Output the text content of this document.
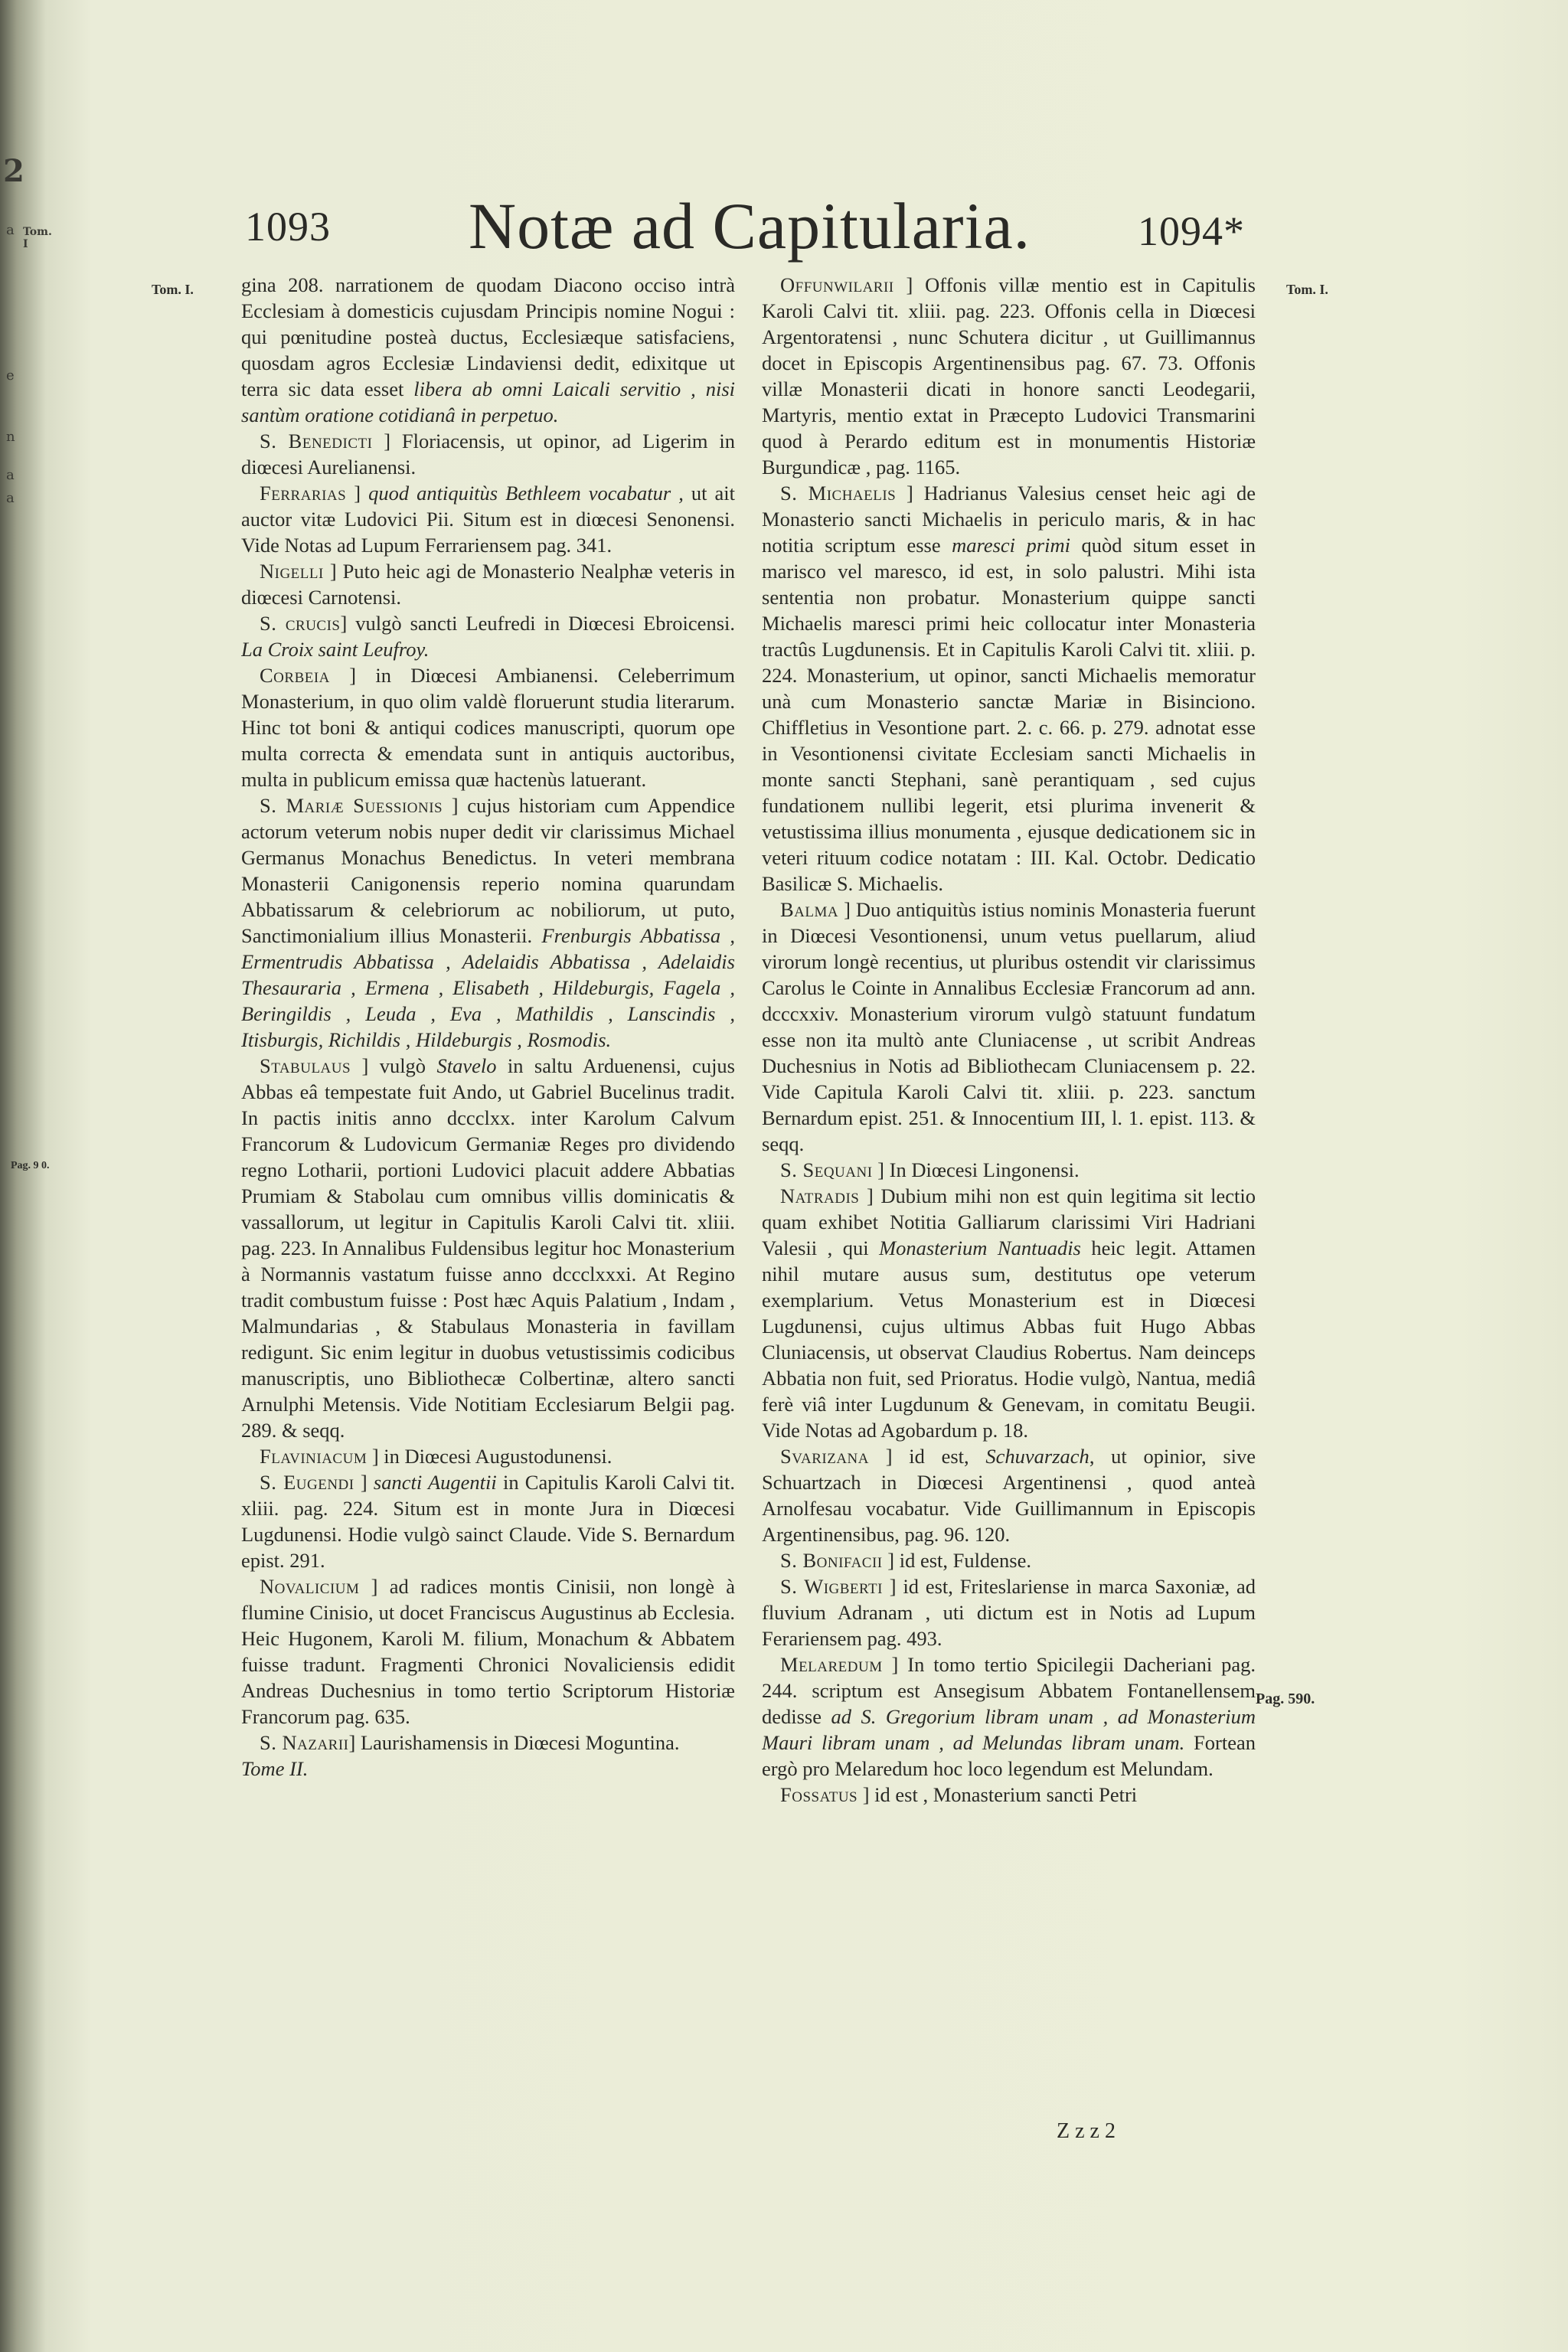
2
Tom. I
a
e
n
a
a
1093 Notæ ad Capitularia.	1094*
Tom. I.	Tom. I.
Pag. 9 0.
Pag. 590.

gina 208. narrationem de quodam Diacono occiso intrà Ecclesiam à domesticis cujusdam Principis nomine Nogui : qui pœnitudine posteà ductus, Ecclesiæque satisfaciens, quosdam agros Ecclesiæ Lindaviensi dedit, edixitque ut terra sic data esset libera ab omni Laicali servitio , nisi santùm oratione cotidianâ in perpetuo.

S. Benedicti ] Floriacensis, ut opinor, ad Ligerim in diœcesi Aurelianensi.

Ferrarias ] quod antiquitùs Bethleem vocabatur , ut ait auctor vitæ Ludovici Pii. Situm est in diœcesi Senonensi. Vide Notas ad Lupum Ferrariensem pag. 341.

Nigelli ] Puto heic agi de Monasterio Nealphæ veteris in diœcesi Carnotensi.

S. crucis] vulgò sancti Leufredi in Diœcesi Ebroicensi. La Croix saint Leufroy.

Corbeia ] in Diœcesi Ambianensi. Celeberrimum Monasterium, in quo olim valdè floruerunt studia literarum. Hinc tot boni & antiqui codices manuscripti, quorum ope multa correcta & emendata sunt in antiquis auctoribus, multa in publicum emissa quæ hactenùs latuerant.

S. Mariæ Suessionis ] cujus historiam cum Appendice actorum veterum nobis nuper dedit vir clarissimus Michael Germanus Monachus Benedictus. In veteri membrana Monasterii Canigonensis reperio nomina quarundam Abbatissarum & celebriorum ac nobiliorum, ut puto, Sanctimonialium illius Monasterii. Frenburgis Abbatissa , Ermentrudis Abbatissa , Adelaidis Abbatissa , Adelaidis Thesauraria , Ermena , Elisabeth , Hildeburgis, Fagela , Beringildis , Leuda , Eva , Mathildis , Lanscindis , Itisburgis, Richildis , Hildeburgis , Rosmodis.

Stabulaus ] vulgò Stavelo in saltu Arduenensi, cujus Abbas eâ tempestate fuit Ando, ut Gabriel Bucelinus tradit. In pactis initis anno dccclxx. inter Karolum Calvum Francorum & Ludovicum Germaniæ Reges pro dividendo regno Lotharii, portioni Ludovici placuit addere Abbatias Prumiam & Stabolau cum omnibus villis dominicatis & vassallorum, ut legitur in Capitulis Karoli Calvi tit. xliii. pag. 223. In Annalibus Fuldensibus legitur hoc Monasterium à Normannis vastatum fuisse anno dccclxxxi. At Regino tradit combustum fuisse : Post hæc Aquis Palatium , Indam , Malmundarias , & Stabulaus Monasteria in favillam redigunt. Sic enim legitur in duobus vetustissimis codicibus manuscriptis, uno Bibliothecæ Colbertinæ, altero sancti Arnulphi Metensis. Vide Notitiam Ecclesiarum Belgii pag. 289. & seqq.

Flaviniacum ] in Diœcesi Augustodunensi.

S. Eugendi ] sancti Augentii in Capitulis Karoli Calvi tit. xliii. pag. 224. Situm est in monte Jura in Diœcesi Lugdunensi. Hodie vulgò sainct Claude. Vide S. Bernardum epist. 291.

Novalicium ] ad radices montis Cinisii, non longè à flumine Cinisio, ut docet Franciscus Augustinus ab Ecclesia. Heic Hugonem, Karoli M. filium, Monachum & Abbatem fuisse tradunt. Fragmenti Chronici Novaliciensis edidit Andreas Duchesnius in tomo tertio Scriptorum Historiæ Francorum pag. 635.

S. Nazarii] Laurishamensis in Diœcesi Moguntina.

Tome II.

Offunwilarii ] Offonis villæ mentio est in Capitulis Karoli Calvi tit. xliii. pag. 223. Offonis cella in Diœcesi Argentoratensi , nunc Schutera dicitur , ut Guillimannus docet in Episcopis Argentinensibus pag. 67. 73. Offonis villæ Monasterii dicati in honore sancti Leodegarii, Martyris, mentio extat in Præcepto Ludovici Transmarini quod à Perardo editum est in monumentis Historiæ Burgundicæ , pag. 1165.

S. Michaelis ] Hadrianus Valesius censet heic agi de Monasterio sancti Michaelis in periculo maris, & in hac notitia scriptum esse maresci primi quòd situm esset in marisco vel maresco, id est, in solo palustri. Mihi ista sententia non probatur. Monasterium quippe sancti Michaelis maresci primi heic collocatur inter Monasteria tractûs Lugdunensis. Et in Capitulis Karoli Calvi tit. xliii. p. 224. Monasterium, ut opinor, sancti Michaelis memoratur unà cum Monasterio sanctæ Mariæ in Bisinciono. Chiffletius in Vesontione part. 2. c. 66. p. 279. adnotat esse in Vesontionensi civitate Ecclesiam sancti Michaelis in monte sancti Stephani, sanè perantiquam , sed cujus fundationem nullibi legerit, etsi plurima invenerit & vetustissima illius monumenta , ejusque dedicationem sic in veteri rituum codice notatam : III. Kal. Octobr. Dedicatio Basilicæ S. Michaelis.

Balma ] Duo antiquitùs istius nominis Monasteria fuerunt in Diœcesi Vesontionensi, unum vetus puellarum, aliud virorum longè recentius, ut pluribus ostendit vir clarissimus Carolus le Cointe in Annalibus Ecclesiæ Francorum ad ann. dcccxxiv. Monasterium virorum vulgò statuunt fundatum esse non ita multò ante Cluniacense , ut scribit Andreas Duchesnius in Notis ad Bibliothecam Cluniacensem p. 22. Vide Capitula Karoli Calvi tit. xliii. p. 223. sanctum Bernardum epist. 251. & Innocentium III, l. 1. epist. 113. & seqq.

S. Sequani ] In Diœcesi Lingonensi.

Natradis ] Dubium mihi non est quin legitima sit lectio quam exhibet Notitia Galliarum clarissimi Viri Hadriani Valesii , qui Monasterium Nantuadis heic legit. Attamen nihil mutare ausus sum, destitutus ope veterum exemplarium. Vetus Monasterium est in Diœcesi Lugdunensi, cujus ultimus Abbas fuit Hugo Abbas Cluniacensis, ut observat Claudius Robertus. Nam deinceps Abbatia non fuit, sed Prioratus. Hodie vulgò, Nantua, mediâ ferè viâ inter Lugdunum & Genevam, in comitatu Beugii. Vide Notas ad Agobardum p. 18.

Svarizana ] id est, Schuvarzach, ut opinior, sive Schuartzach in Diœcesi Argentinensi , quod anteà Arnolfesau vocabatur. Vide Guillimannum in Episcopis Argentinensibus, pag. 96. 120.

S. Bonifacii ] id est, Fuldense.

S. Wigberti ] id est, Friteslariense in marca Saxoniæ, ad fluvium Adranam , uti dictum est in Notis ad Lupum Ferariensem pag. 493.

Melaredum ] In tomo tertio Spicilegii Dacheriani pag. 244. scriptum est Ansegisum Abbatem Fontanellensem dedisse ad S. Gregorium libram unam , ad Monasterium Mauri libram unam , ad Melundas libram unam. Fortean ergò pro Melaredum hoc loco legendum est Melundam.

Fossatus ] id est , Monasterium sancti Petri

Z z z 2
